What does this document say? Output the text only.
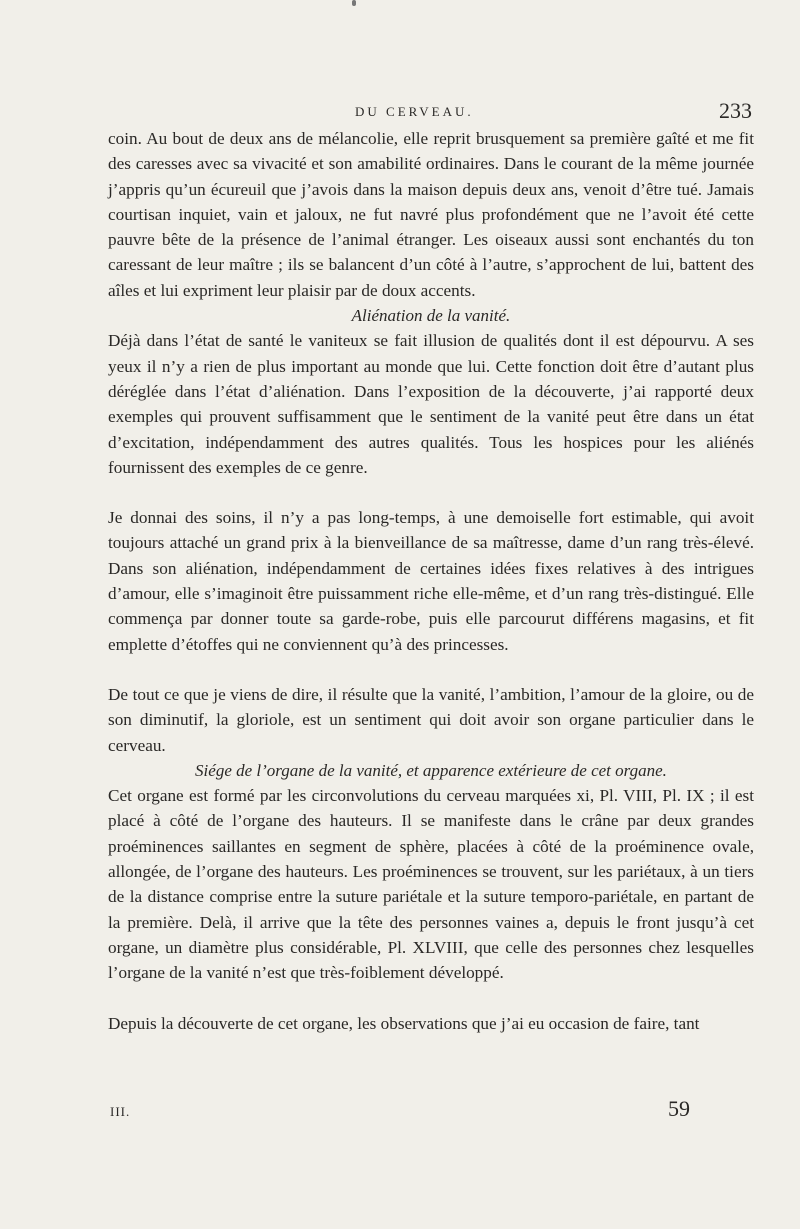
DU CERVEAU.	233

coin. Au bout de deux ans de mélancolie, elle reprit brusquement sa première gaîté et me fit des caresses avec sa vivacité et son amabilité ordinaires. Dans le courant de la même journée j’appris qu’un écureuil que j’avois dans la maison depuis deux ans, venoit d’être tué. Jamais courtisan inquiet, vain et jaloux, ne fut navré plus profondément que ne l’avoit été cette pauvre bête de la présence de l’animal étranger. Les oiseaux aussi sont enchantés du ton caressant de leur maître ; ils se balancent d’un côté à l’autre, s’approchent de lui, battent des aîles et lui expriment leur plaisir par de doux accents.

Aliénation de la vanité.

Déjà dans l’état de santé le vaniteux se fait illusion de qualités dont il est dépourvu. A ses yeux il n’y a rien de plus important au monde que lui. Cette fonction doit être d’autant plus déréglée dans l’état d’aliénation. Dans l’exposition de la découverte, j’ai rapporté deux exemples qui prouvent suffisamment que le sentiment de la vanité peut être dans un état d’excitation, indépendamment des autres qualités. Tous les hospices pour les aliénés fournissent des exemples de ce genre.

Je donnai des soins, il n’y a pas long-temps, à une demoiselle fort estimable, qui avoit toujours attaché un grand prix à la bienveillance de sa maîtresse, dame d’un rang très-élevé. Dans son aliénation, indépendamment de certaines idées fixes relatives à des intrigues d’amour, elle s’imaginoit être puissamment riche elle-même, et d’un rang très-distingué. Elle commença par donner toute sa garde-robe, puis elle parcourut différens magasins, et fit emplette d’étoffes qui ne conviennent qu’à des princesses.

De tout ce que je viens de dire, il résulte que la vanité, l’ambition, l’amour de la gloire, ou de son diminutif, la gloriole, est un sentiment qui doit avoir son organe particulier dans le cerveau.

Siége de l’organe de la vanité, et apparence extérieure de cet organe.

Cet organe est formé par les circonvolutions du cerveau marquées xi, Pl. VIII, Pl. IX ; il est placé à côté de l’organe des hauteurs. Il se manifeste dans le crâne par deux grandes proéminences saillantes en segment de sphère, placées à côté de la proéminence ovale, allongée, de l’organe des hauteurs. Les proéminences se trouvent, sur les pariétaux, à un tiers de la distance comprise entre la suture pariétale et la suture temporo-pariétale, en partant de la première. Delà, il arrive que la tête des personnes vaines a, depuis le front jusqu’à cet organe, un diamètre plus considérable, Pl. XLVIII, que celle des personnes chez lesquelles l’organe de la vanité n’est que très-foiblement développé.

Depuis la découverte de cet organe, les observations que j’ai eu occasion de faire, tant

III.	59
